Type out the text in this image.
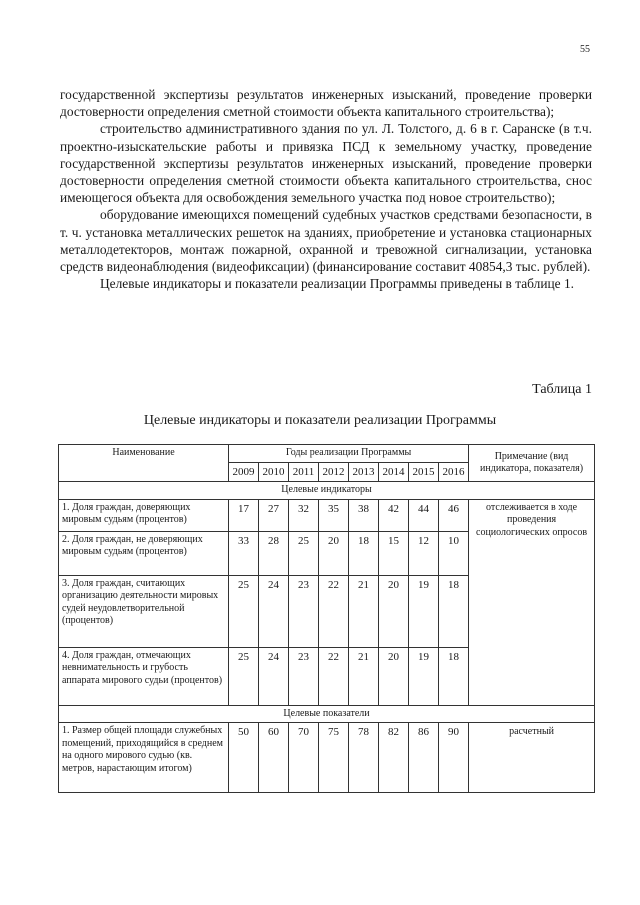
55

государственной экспертизы результатов инженерных изысканий, проведение проверки достоверности определения сметной стоимости объекта капитального строительства);

строительство административного здания по ул. Л. Толстого, д. 6 в г. Саранске (в т.ч. проектно-изыскательские работы и привязка ПСД к земельному участку, проведение государственной экспертизы результатов инженерных изысканий, проведение проверки достоверности определения сметной стоимости объекта капитального строительства, снос имеющегося объекта для освобождения земельного участка под новое строительство);

оборудование имеющихся помещений судебных участков средствами безопасности, в т. ч. установка металлических решеток на зданиях, приобретение и установка стационарных металлодетекторов, монтаж пожарной, охранной и тревожной сигнализации, установка средств видеонаблюдения (видеофиксации) (финансирование составит 40854,3 тыс. рублей).

Целевые индикаторы и показатели реализации Программы приведены в таблице 1.

Таблица 1
Целевые индикаторы и показатели реализации Программы
Наименование	Годы реализации Программы								Примечание (вид индикатора, показателя)
	2009	2010	2011	2012	2013	2014	2015	2016	
Целевые индикаторы									
1. Доля граждан, доверяющих мировым судьям (процентов)	17	27	32	35	38	42	44	46	отслеживается в ходе проведения социологических опросов
2. Доля граждан, не доверяющих мировым судьям (процентов)	33	28	25	20	18	15	12	10	
3. Доля граждан, считающих организацию деятельности мировых судей неудовлетворительной (процентов)	25	24	23	22	21	20	19	18	
4. Доля граждан, отмечающих невнимательность и грубость аппарата мирового судьи (процентов)	25	24	23	22	21	20	19	18	
Целевые показатели									
1. Размер общей площади служебных помещений, приходящийся в среднем на одного мирового судью (кв. метров, нарастающим итогом)	50	60	70	75	78	82	86	90	расчетный
